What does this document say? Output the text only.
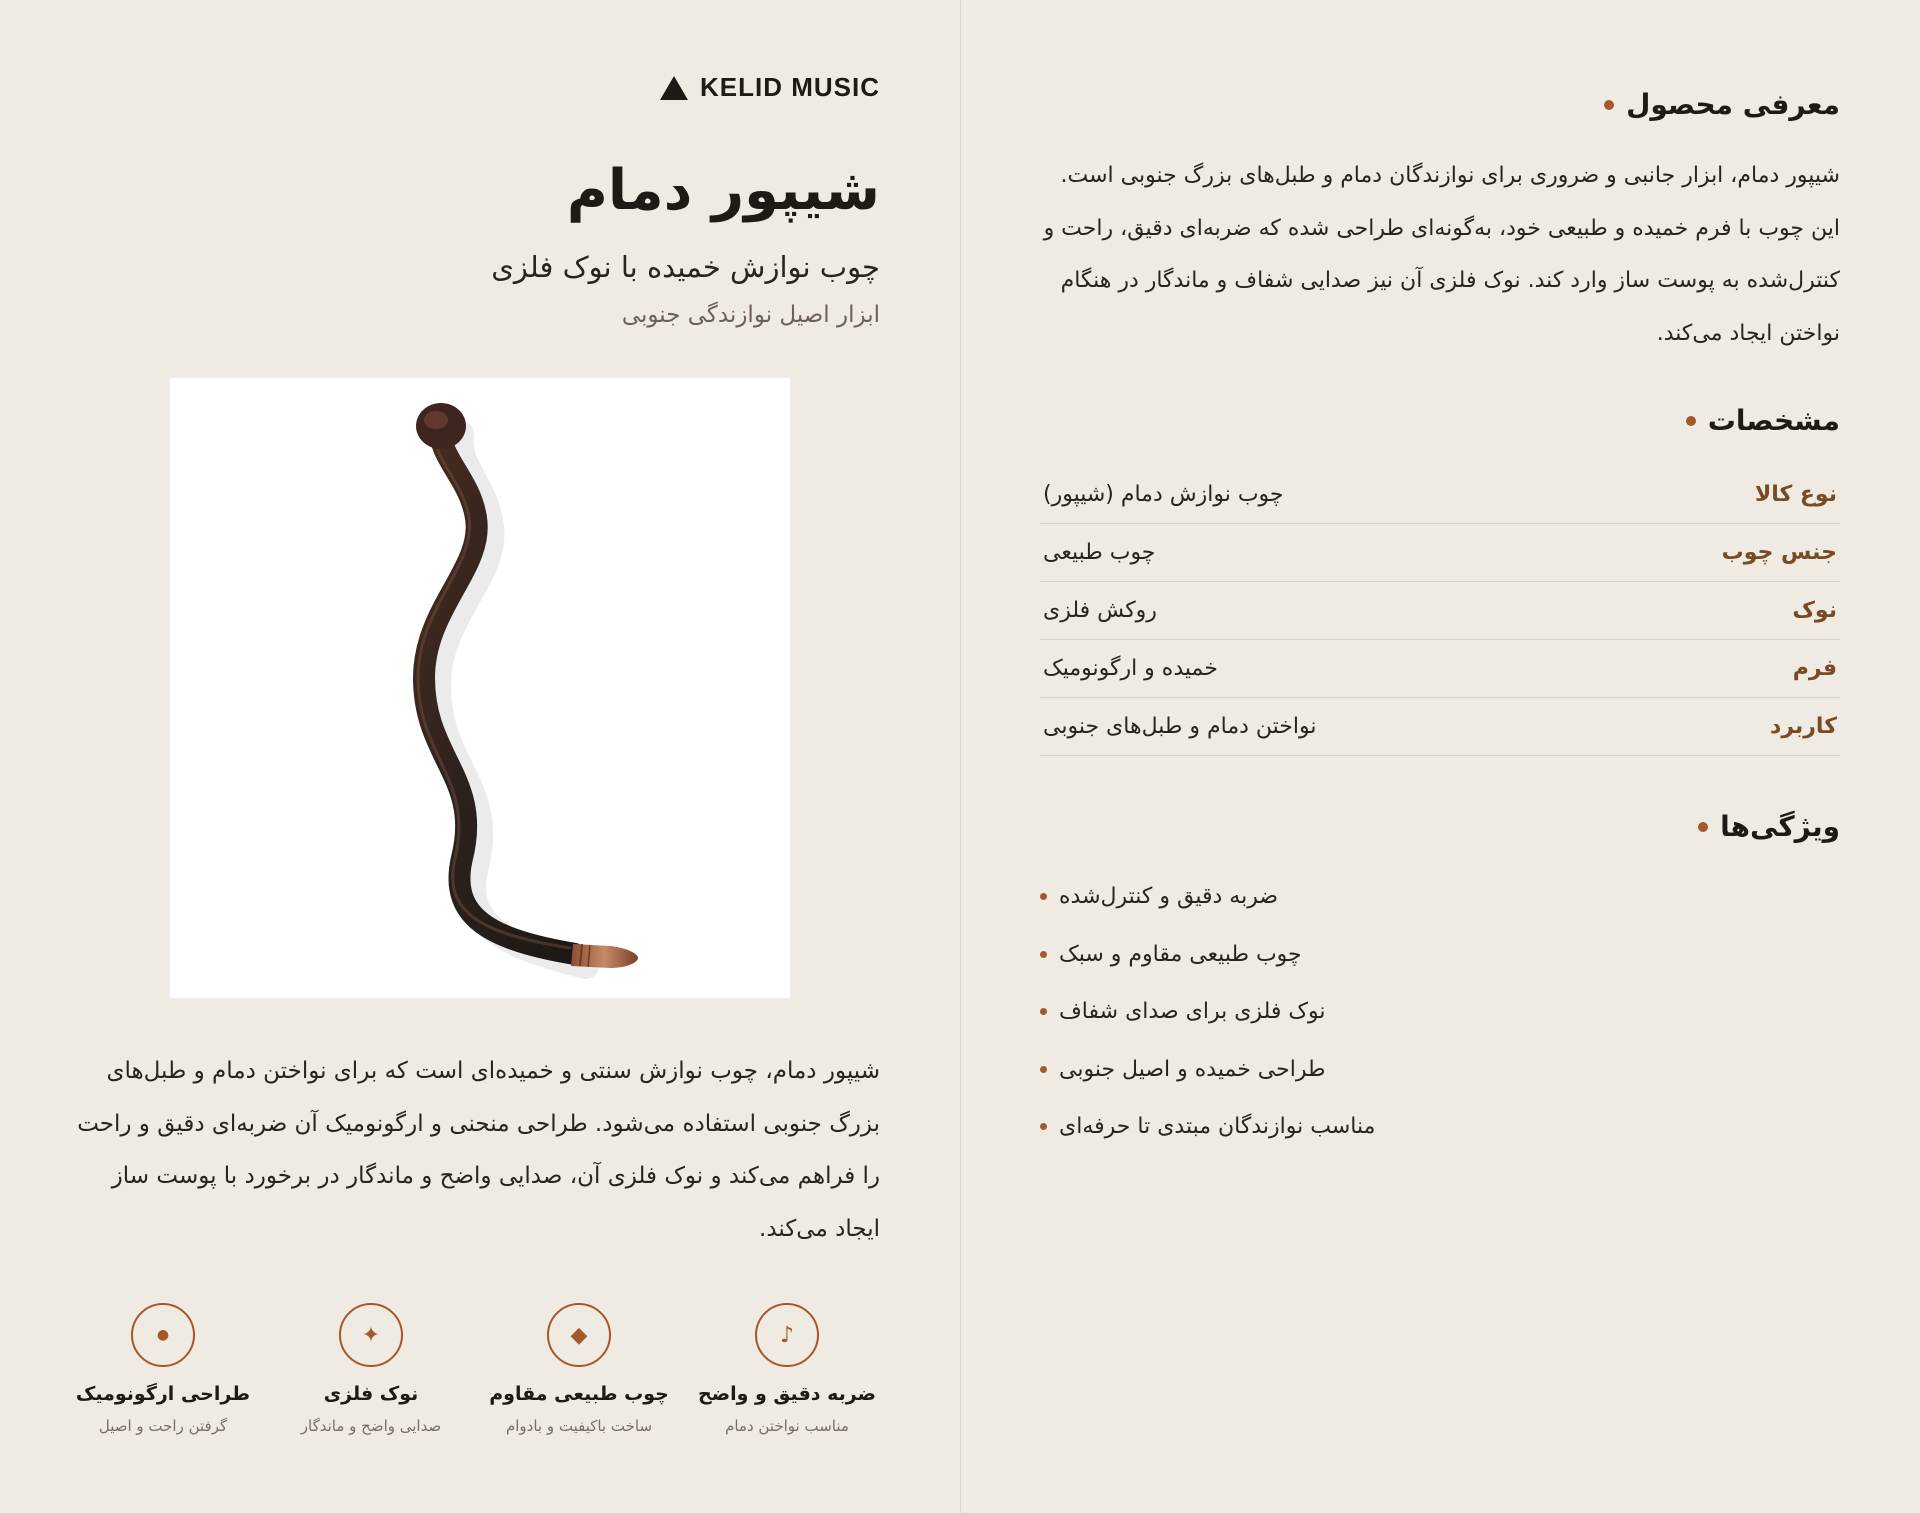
KELID MUSIC
شیپور دمام
چوب نوازش خمیده با نوک فلزی
ابزار اصیل نوازندگی جنوبی

شیپور دمام، چوب نوازش سنتی و خمیده‌ای است که برای نواختن دمام و طبل‌های بزرگ جنوبی استفاده می‌شود. طراحی منحنی و ارگونومیک آن ضربه‌ای دقیق و راحت را فراهم می‌کند و نوک فلزی آن، صدایی واضح و ماندگار در برخورد با پوست ساز ایجاد می‌کند.

♪
ضربه دقیق و واضح
مناسب نواختن دمام
◆
چوب طبیعی مقاوم
ساخت باکیفیت و بادوام
✦
نوک فلزی
صدایی واضح و ماندگار
●
طراحی ارگونومیک
گرفتن راحت و اصیل
معرفی محصول

شیپور دمام، ابزار جانبی و ضروری برای نوازندگان دمام و طبل‌های بزرگ جنوبی است. این چوب با فرم خمیده و طبیعی خود، به‌گونه‌ای طراحی شده که ضربه‌ای دقیق، راحت و کنترل‌شده به پوست ساز وارد کند. نوک فلزی آن نیز صدایی شفاف و ماندگار در هنگام نواختن ایجاد می‌کند.

مشخصات
نوع کالا
چوب نوازش دمام (شیپور)
جنس چوب
چوب طبیعی
نوک
روکش فلزی
فرم
خمیده و ارگونومیک
کاربرد
نواختن دمام و طبل‌های جنوبی
ویژگی‌ها
ضربه دقیق و کنترل‌شده
چوب طبیعی مقاوم و سبک
نوک فلزی برای صدای شفاف
طراحی خمیده و اصیل جنوبی
مناسب نوازندگان مبتدی تا حرفه‌ای
